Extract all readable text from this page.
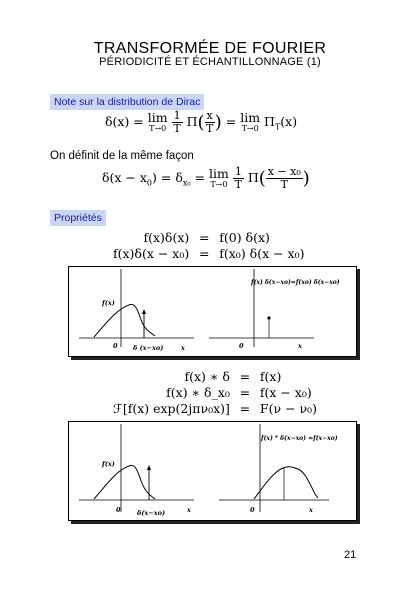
TRANSFORMÉE DE FOURIER
PÉRIODICITÉ ET ÉCHANTILLONNAGE (1)
Note sur la distribution de Dirac
δ(x) = lim
T→0
$\frac{1}{T} \Pi( \frac{x}{T}$ ) = lim
T→0 $\Pi_T(x)$
On définit de la même façon
$\delta(x - x_0) = \delta_{x_0} = \lim$
T→0
$\frac{1}{T} \Pi( \frac{\text{x − x₀}}{T}$ )
Propriétés
f(x)δ(x) = f(0) δ(x)
f(x)δ(x − x₀) = f(x₀) δ(x − x₀)
f(x)
0 δ (x−xo)	x
f(x) δ(x−xo)=f(xo) δ(x−xo)
0	x
f(x) ∗ δ = f(x)
f(x) ∗ δ_x₀ = f(x − x₀)
ℱ[f(x) exp(2jπν₀x)] = F(ν − ν₀)
f(x)
0	δ(x−xo)	x
f(x) * δ(x−xo) =f(x−xo)
0	x
21
